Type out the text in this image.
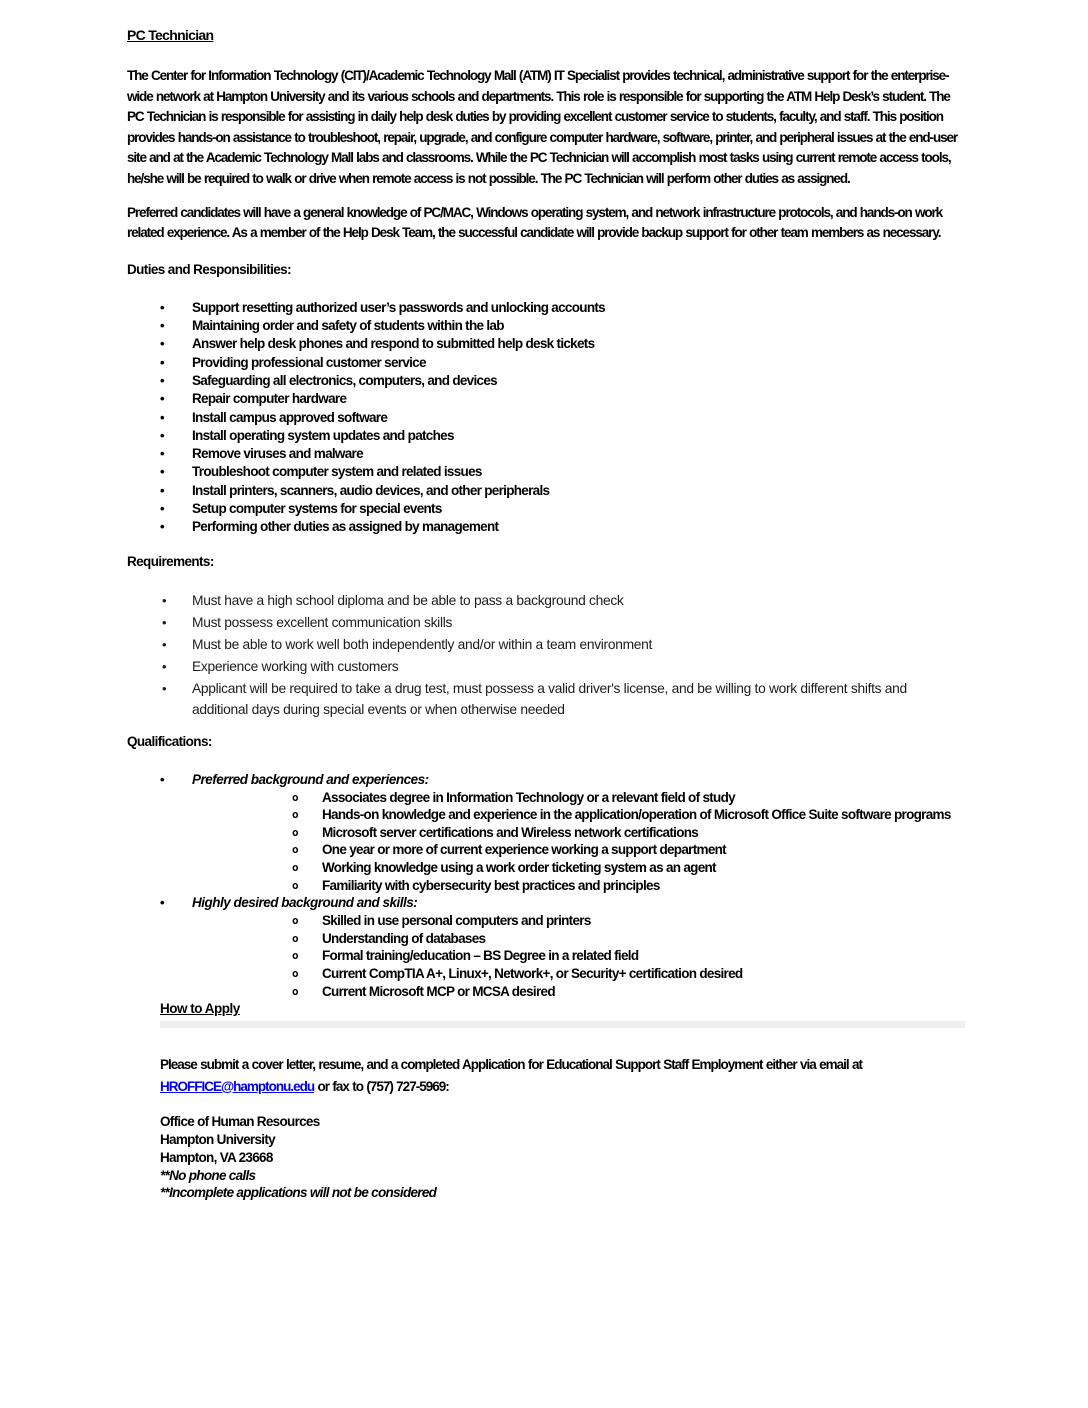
PC Technician

The Center for Information Technology (CIT)/Academic Technology Mall (ATM) IT Specialist provides technical, administrative support for the enterprise-wide network at Hampton University and its various schools and departments. This role is responsible for supporting the ATM Help Desk’s student. The PC Technician is responsible for assisting in daily help desk duties by providing excellent customer service to students, faculty, and staff. This position provides hands-on assistance to troubleshoot, repair, upgrade, and configure computer hardware, software, printer, and peripheral issues at the end-user site and at the Academic Technology Mall labs and classrooms. While the PC Technician will accomplish most tasks using current remote access tools, he/she will be required to walk or drive when remote access is not possible. The PC Technician will perform other duties as assigned.

Preferred candidates will have a general knowledge of PC/MAC, Windows operating system, and network infrastructure protocols, and hands-on work related experience. As a member of the Help Desk Team, the successful candidate will provide backup support for other team members as necessary.

Duties and Responsibilities:
• Support resetting authorized user’s passwords and unlocking accounts
• Maintaining order and safety of students within the lab
• Answer help desk phones and respond to submitted help desk tickets
• Providing professional customer service
• Safeguarding all electronics, computers, and devices
• Repair computer hardware
• Install campus approved software
• Install operating system updates and patches
• Remove viruses and malware
• Troubleshoot computer system and related issues
• Install printers, scanners, audio devices, and other peripherals
• Setup computer systems for special events
• Performing other duties as assigned by management
Requirements:
• Must have a high school diploma and be able to pass a background check
• Must possess excellent communication skills
• Must be able to work well both independently and/or within a team environment
• Experience working with customers
• Applicant will be required to take a drug test, must possess a valid driver's license, and be willing to work different shifts and additional days during special events or when otherwise needed
Qualifications:
• Preferred background and experiences:
o Associates degree in Information Technology or a relevant field of study
o Hands-on knowledge and experience in the application/operation of Microsoft Office Suite software programs
o Microsoft server certifications and Wireless network certifications
o One year or more of current experience working a support department
o Working knowledge using a work order ticketing system as an agent
o Familiarity with cybersecurity best practices and principles
• Highly desired background and skills:
o Skilled in use personal computers and printers
o Understanding of databases
o Formal training/education – BS Degree in a related field
o Current CompTIA A+, Linux+, Network+, or Security+ certification desired
o Current Microsoft MCP or MCSA desired
How to Apply

Please submit a cover letter, resume, and a completed Application for Educational Support Staff Employment either via email at HROFFICE@hamptonu.edu or fax to (757) 727-5969:

Office of Human Resources
Hampton University
Hampton, VA 23668
**No phone calls
**Incomplete applications will not be considered
